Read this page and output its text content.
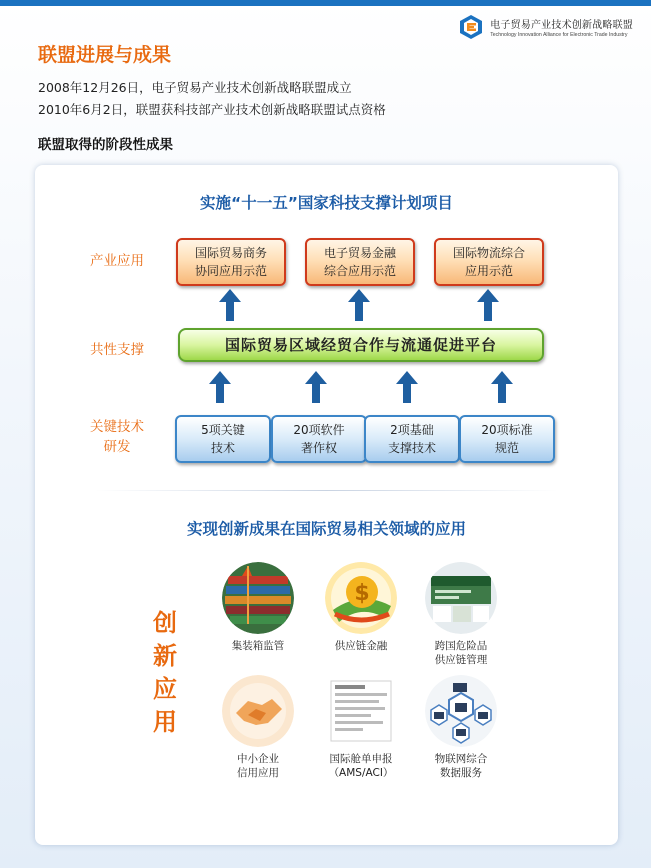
电子贸易产业技术创新战略联盟
Technology Innovation Alliance for Electronic Trade Industry
联盟进展与成果
2008年12月26日，电子贸易产业技术创新战略联盟成立
2010年6月2日，联盟获科技部产业技术创新战略联盟试点资格
联盟取得的阶段性成果
实施“十一五”国家科技支撑计划项目
产业应用
共性支撑
关键技术
研发
国际贸易商务
协同应用示范
电子贸易金融
综合应用示范
国际物流综合
应用示范
国际贸易区域经贸合作与流通促进平台
5项关键
技术
20项软件
著作权
2项基础
支撑技术
20项标准
规范
实现创新成果在国际贸易相关领域的应用
创
新
应
用
集装箱监管
$
供应链金融	跨国危险品
供应链管理
中小企业
信用应用
国际舱单申报
（AMS/ACI）
物联网综合
数据服务
